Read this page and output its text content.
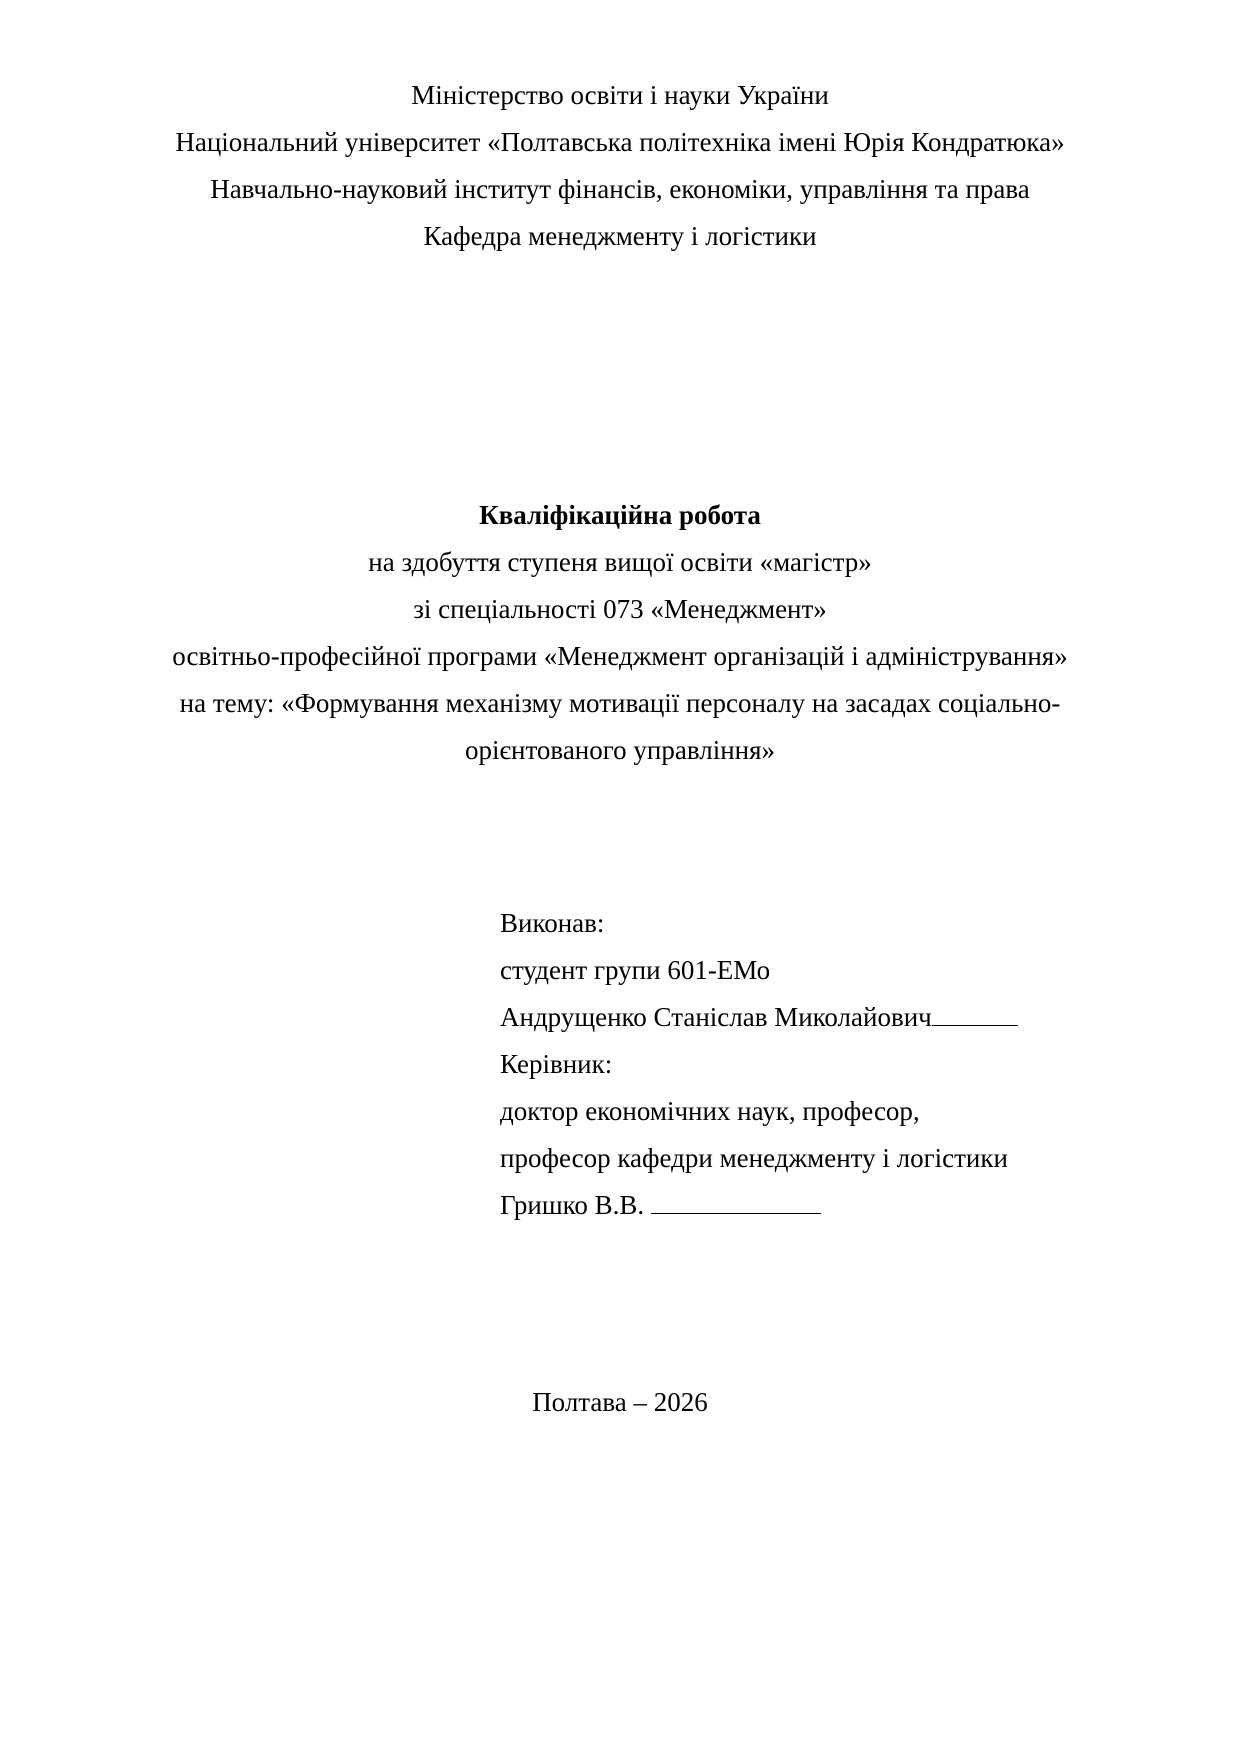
Міністерство освіти і науки України
Національний університет «Полтавська політехніка імені Юрія Кондратюка»
Навчально-науковий інститут фінансів, економіки, управління та права
Кафедра менеджменту і логістики
Кваліфікаційна робота
на здобуття ступеня вищої освіти «магістр»
зі спеціальності 073 «Менеджмент»
освітньо-професійної програми «Менеджмент організацій і адміністрування»
на тему: «Формування механізму мотивації персоналу на засадах соціально-
орієнтованого управління»
Виконав:
студент групи 601-ЕМо
Андрущенко Станіслав Миколайович
Керівник:
доктор економічних наук, професор,
професор кафедри менеджменту і логістики
Гришко В.В.
Полтава – 2026
